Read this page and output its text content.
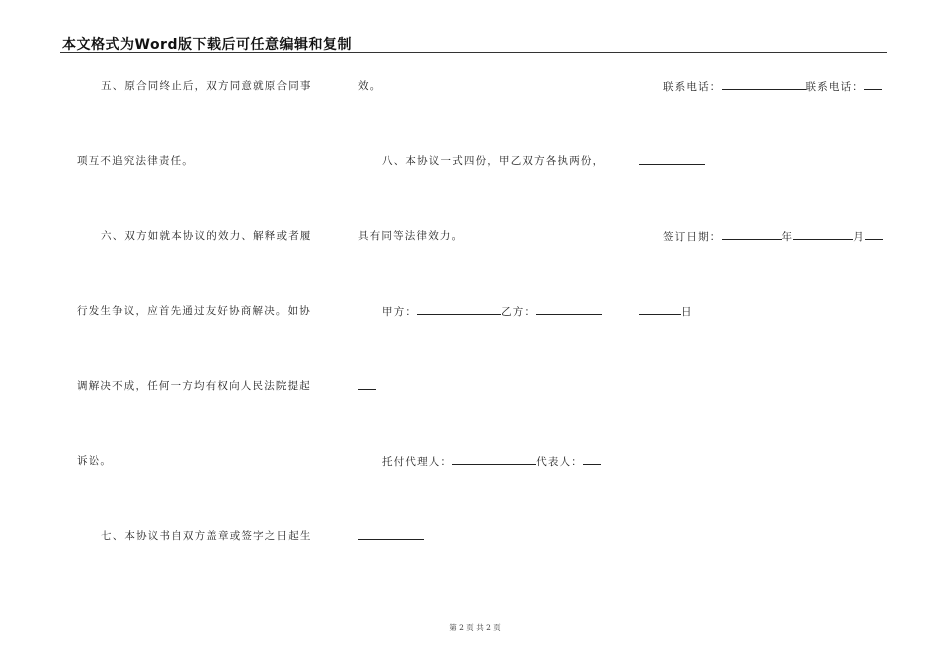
本文格式为Word版下载后可任意编辑和复制
五、原合同终止后，双方同意就原合同事
项互不追究法律责任。
六、双方如就本协议的效力、解释或者履
行发生争议，应首先通过友好协商解决。如协
调解决不成，任何一方均有权向人民法院提起
诉讼。
七、本协议书自双方盖章或签字之日起生
效。
八、本协议一式四份，甲乙双方各执两份，
具有同等法律效力。
甲方：	乙方：
托付代理人：	代表人：
联系电话：	联系电话：
签订日期：	年	月
日
第 2 页 共 2 页
